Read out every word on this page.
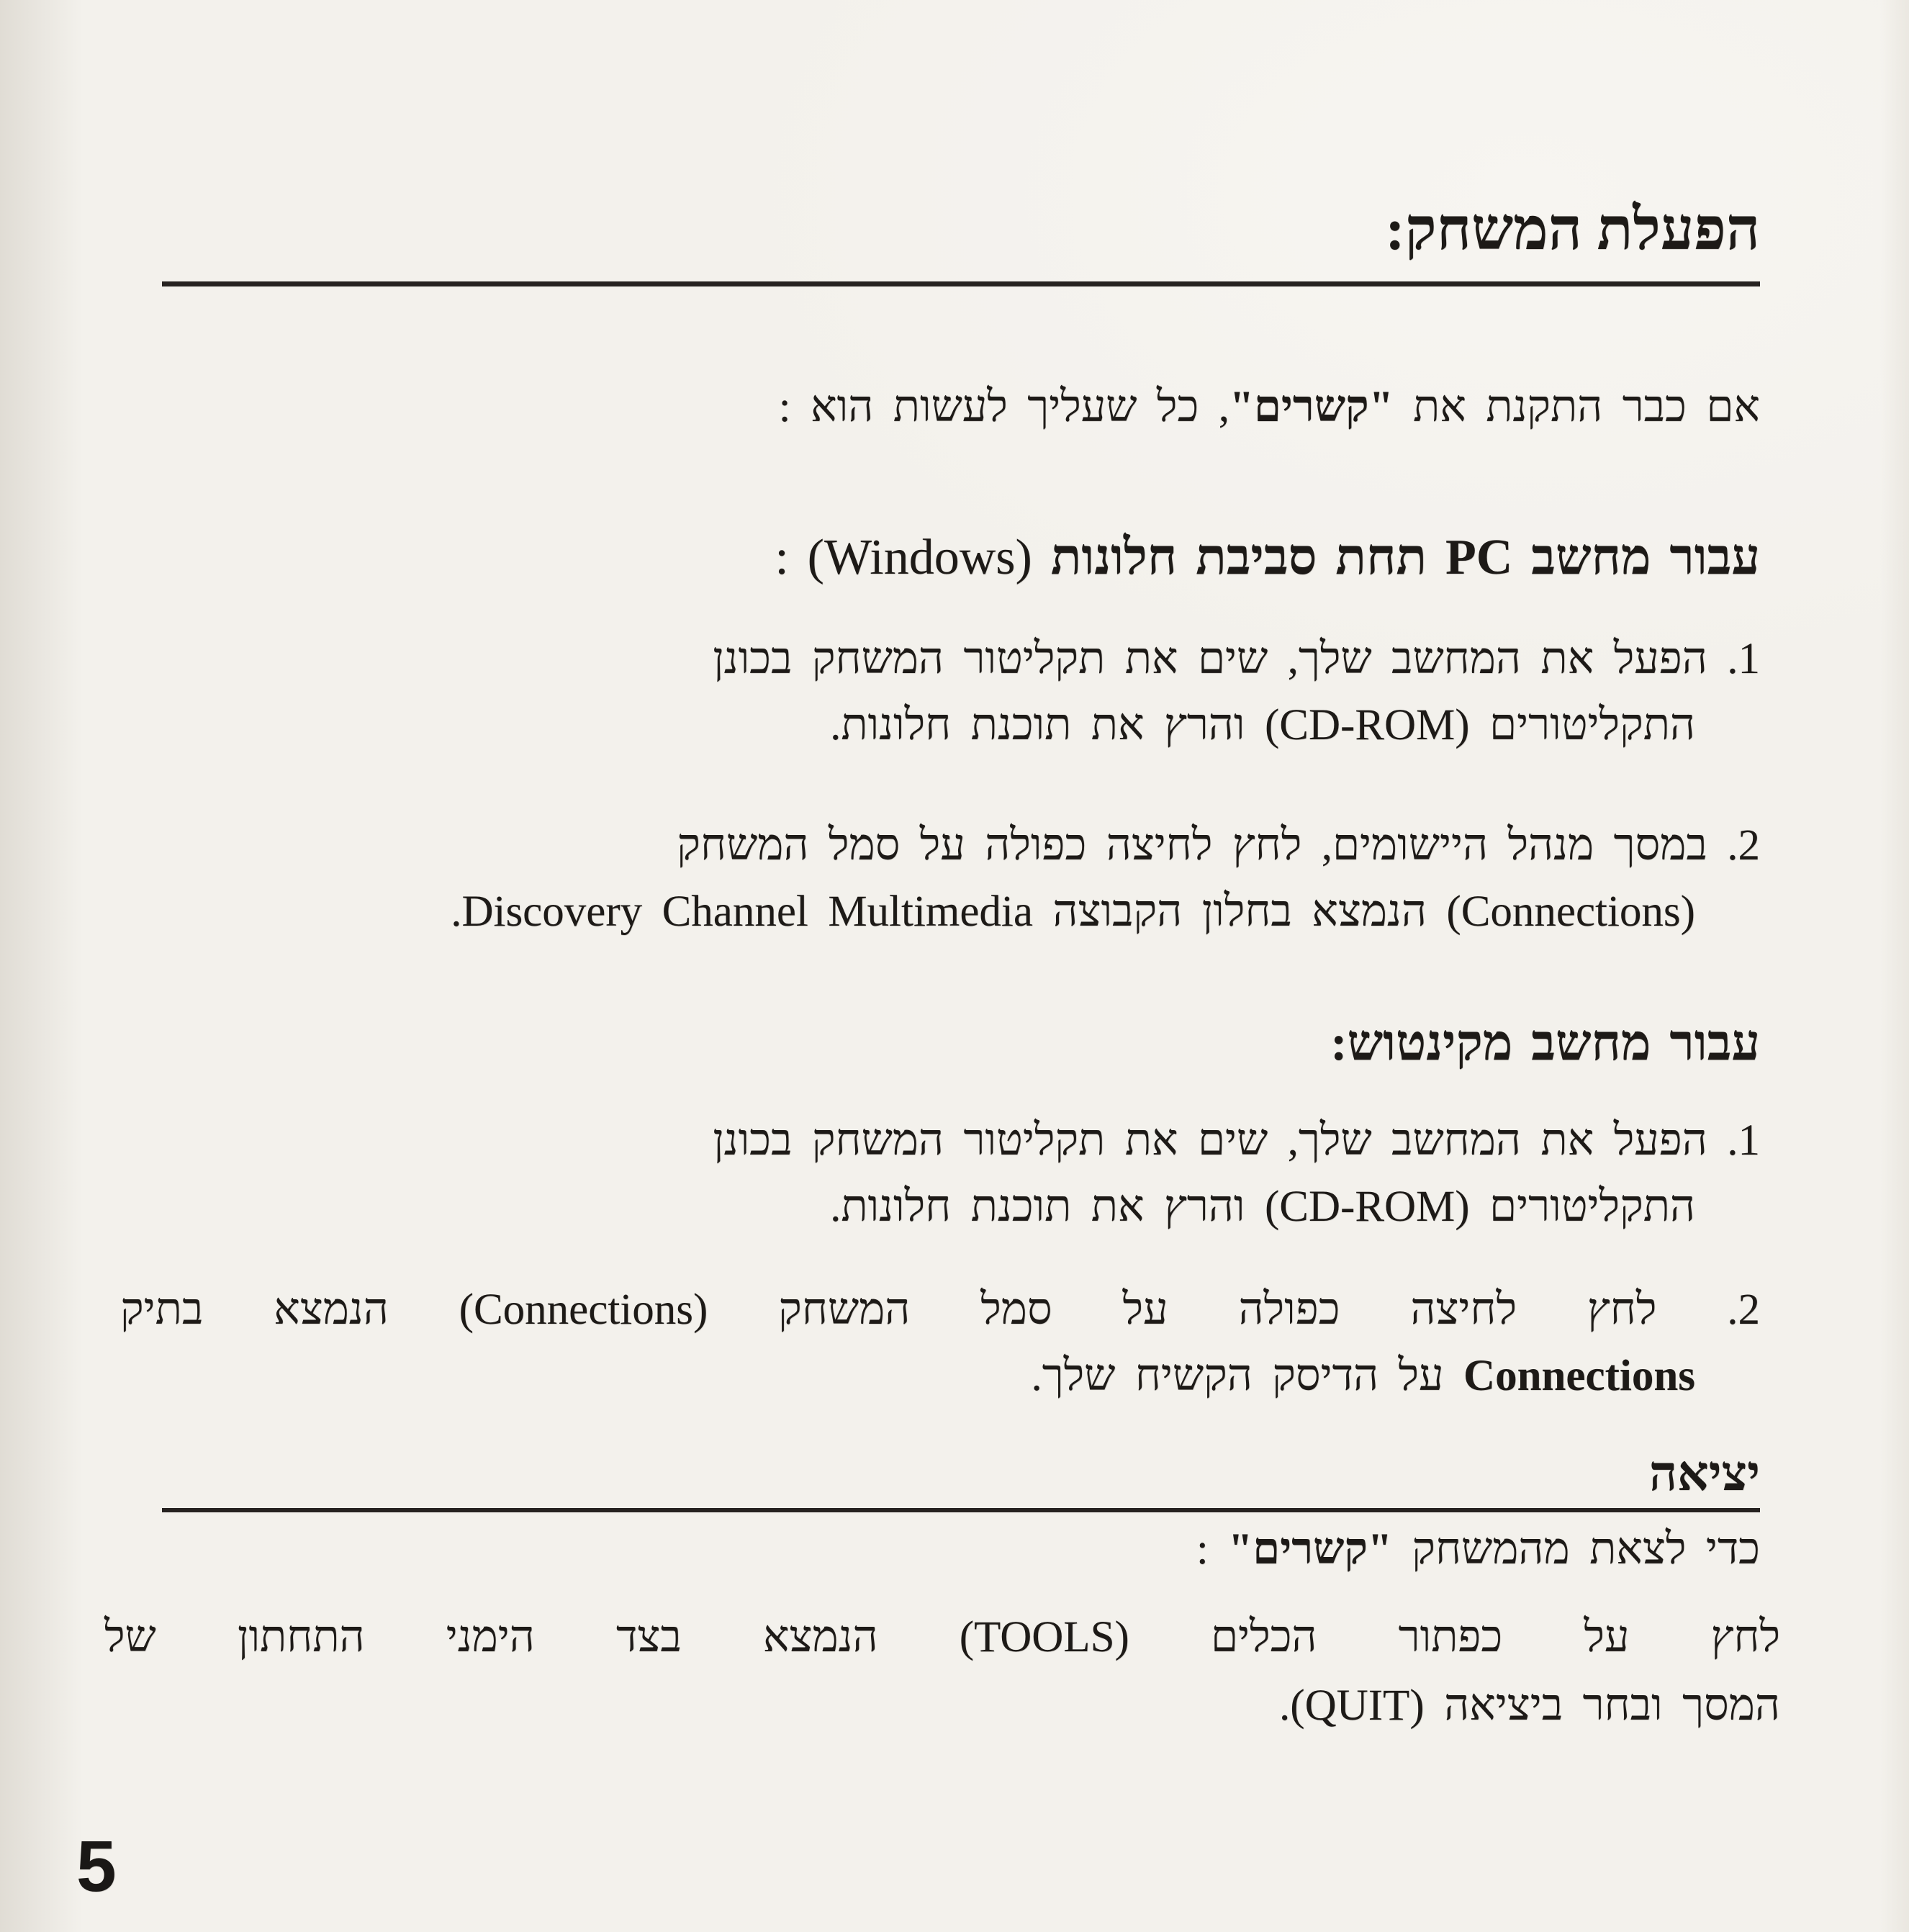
הפעלת המשחק:

אם כבר התקנת את "קשרים", כל שעליך לעשות הוא :

עבור מחשב PC תחת סביבת חלונות (Windows) :
1. הפעל את המחשב שלך, שים את תקליטור המשחק בכונן
התקליטורים (CD-ROM) והרץ את תוכנת חלונות.
2. במסך מנהל היישומים, לחץ לחיצה כפולה על סמל המשחק
(Connections) הנמצא בחלון הקבוצה Discovery Channel Multimedia.
עבור מחשב מקינטוש:
1. הפעל את המחשב שלך, שים את תקליטור המשחק בכונן
התקליטורים (CD-ROM) והרץ את תוכנת חלונות.
2. לחץ לחיצה כפולה על סמל המשחק (Connections) הנמצא בתיק
Connections על הדיסק הקשיח שלך.
יציאה

כדי לצאת מהמשחק "קשרים" :

לחץ על כפתור הכלים (TOOLS) הנמצא בצד הימני התחתון של
המסך ובחר ביציאה (QUIT).
5
